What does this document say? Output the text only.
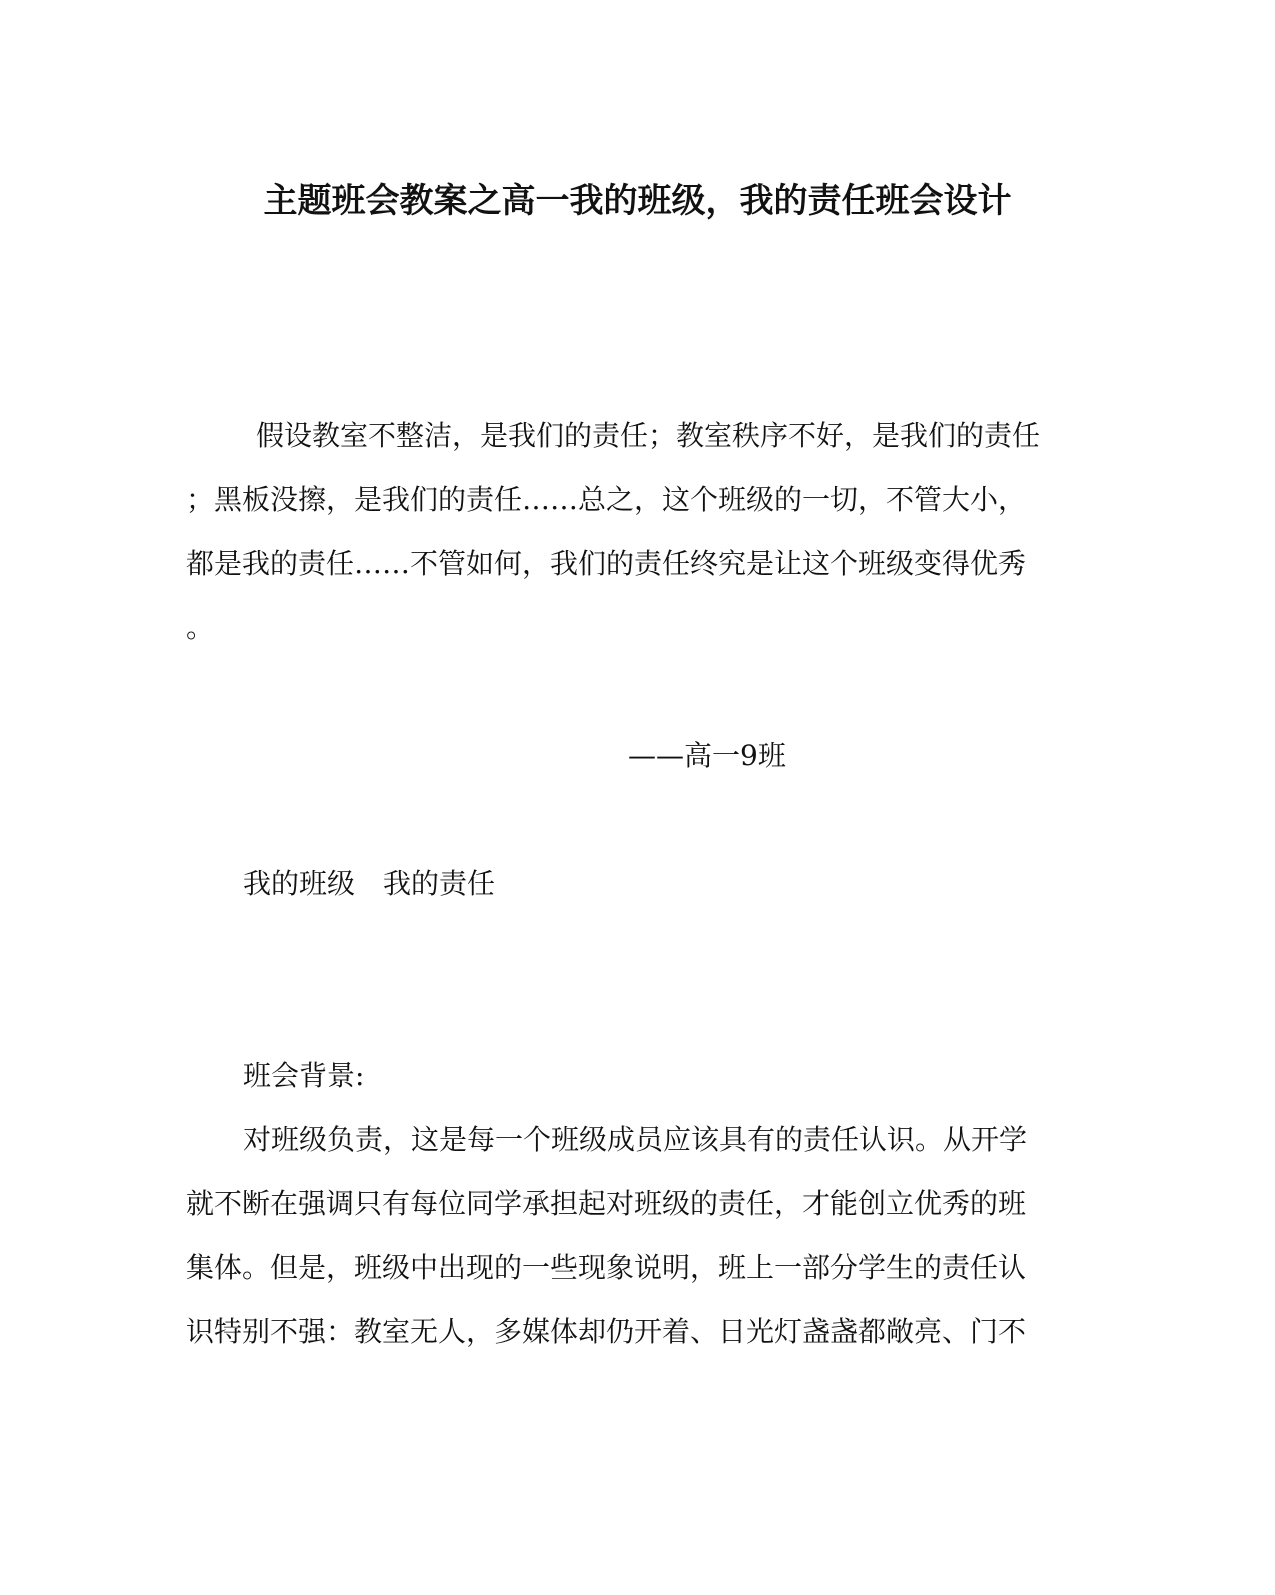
主题班会教案之高一我的班级，我的责任班会设计
假设教室不整洁，是我们的责任；教室秩序不好，是我们的责任
；黑板没擦，是我们的责任……总之，这个班级的一切，不管大小，
都是我的责任……不管如何，我们的责任终究是让这个班级变得优秀
。
——高一9班
我的班级　我的责任
班会背景:
对班级负责，这是每一个班级成员应该具有的责任认识。从开学
就不断在强调只有每位同学承担起对班级的责任，才能创立优秀的班
集体。但是，班级中出现的一些现象说明，班上一部分学生的责任认
识特别不强：教室无人，多媒体却仍开着、日光灯盏盏都敞亮、门不
